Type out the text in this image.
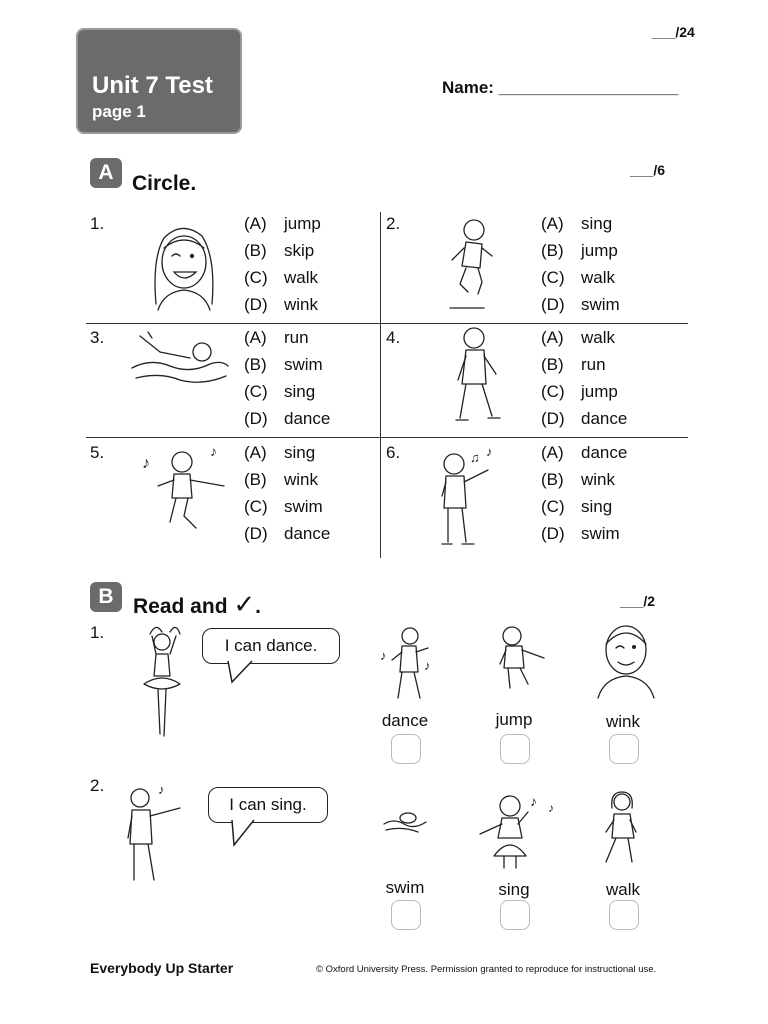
___/24
Unit 7 Test
page 1
Name: ___________________
A Circle.
___/6
1.	(A) jump
(B) skip
(C) walk
(D) wink
2.	(A) sing
(B) jump
(C) walk
(D) swim
3.	(A) run
(B) swim
(C) sing
(D) dance
4.	(A) walk
(B) run
(C) jump
(D) dance
5.
♪
♪ (A) sing
(B) wink
(C) swim
(D) dance
6.	♫ ♪	(A) dance
(B) wink
(C) sing
(D) swim
B Read and ✓.	___/2
1.
I can dance.
♪
♪
dance	jump	wink
2.	♪
I can sing.
swim
♪ ♪
sing	walk
Everybody Up Starter	© Oxford University Press. Permission granted to reproduce for instructional use.
